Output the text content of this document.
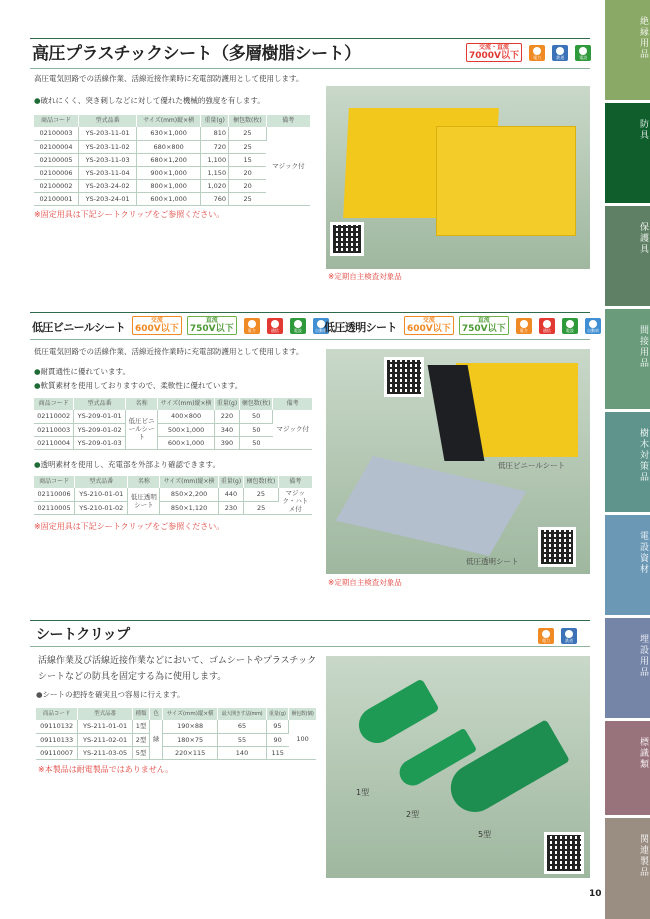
高圧プラスチックシート（多層樹脂シート）	交流・直流
7000V以下
	電力
	鉄道
	電設
高圧電気回路での活線作業、活線近接作業時に充電部防護用として使用します。
●破れにくく、突き刺しなどに対して優れた機械的強度を有します。
商品コード	型式品番	サイズ(mm)縦×横	重量(g)	梱包数(枚)	備考
02100003	YS-203-11-01	630×1,000	810	25	マジック付
02100004	YS-203-11-02	680×800	720	25	
02100005	YS-203-11-03	680×1,200	1,100	15	
02100006	YS-203-11-04	900×1,000	1,150	20	
02100002	YS-203-24-02	800×1,000	1,020	20	
02100001	YS-203-24-01	600×1,000	760	25	
※固定用具は下記シートクリップをご参照ください。
※定期自主検査対象品
低圧ビニールシート
交流
600V以下

直流
750V以下
	電力
	通信
	電設
	自動車
低圧透明シート
交流
600V以下

直流
750V以下
	電力
	通信
	電設
	自動車
低圧電気回路での活線作業、活線近接作業時に充電部防護用として使用します。
●耐貫通性に優れています。
●軟質素材を使用しておりますので、柔軟性に優れています。
商品コード	型式品番	名称	サイズ(mm)縦×横	重量(g)	梱包数(枚)	備考
02110002	YS-209-01-01	低圧ビニールシート	400×800	220	50	マジック付
02110003	YS-209-01-02		500×1,000	340	50	
02110004	YS-209-01-03		600×1,000	390	50	
●透明素材を使用し、充電部を外部より確認できます。
商品コード	型式品番	名称	サイズ(mm)縦×横	重量(g)	梱包数(枚)	備考
02110006	YS-210-01-01	低圧透明シート	850×2,200	440	25	マジック・ハトメ付
02110005	YS-210-01-02		850×1,120	230	25	
※固定用具は下記シートクリップをご参照ください。
低圧ビニールシート
低圧透明シート
※定期自主検査対象品
シートクリップ	電力
	鉄道
活線作業及び活線近接作業などにおいて、ゴムシートやプラスチックシートなどの防具を固定する為に使用します。
●シートの把持を確実且つ容易に行えます。
商品コード	型式品番	種類	色	サイズ(mm)縦×横	最大開きす法(mm)	重量(g)	梱包数(個)
09110132	YS-211-01-01	1型	緑	190×88	65	95	100
09110133	YS-211-02-01	2型		180×75	55	90	
09110007	YS-211-03-05	5型		220×115	140	115	
※本製品は耐電製品ではありません。
1型
2型
5型
10
絶縁用品
防具
保護具
間接用品
樹木対策品
電設資材
埋設用品
標識類
関連製品
